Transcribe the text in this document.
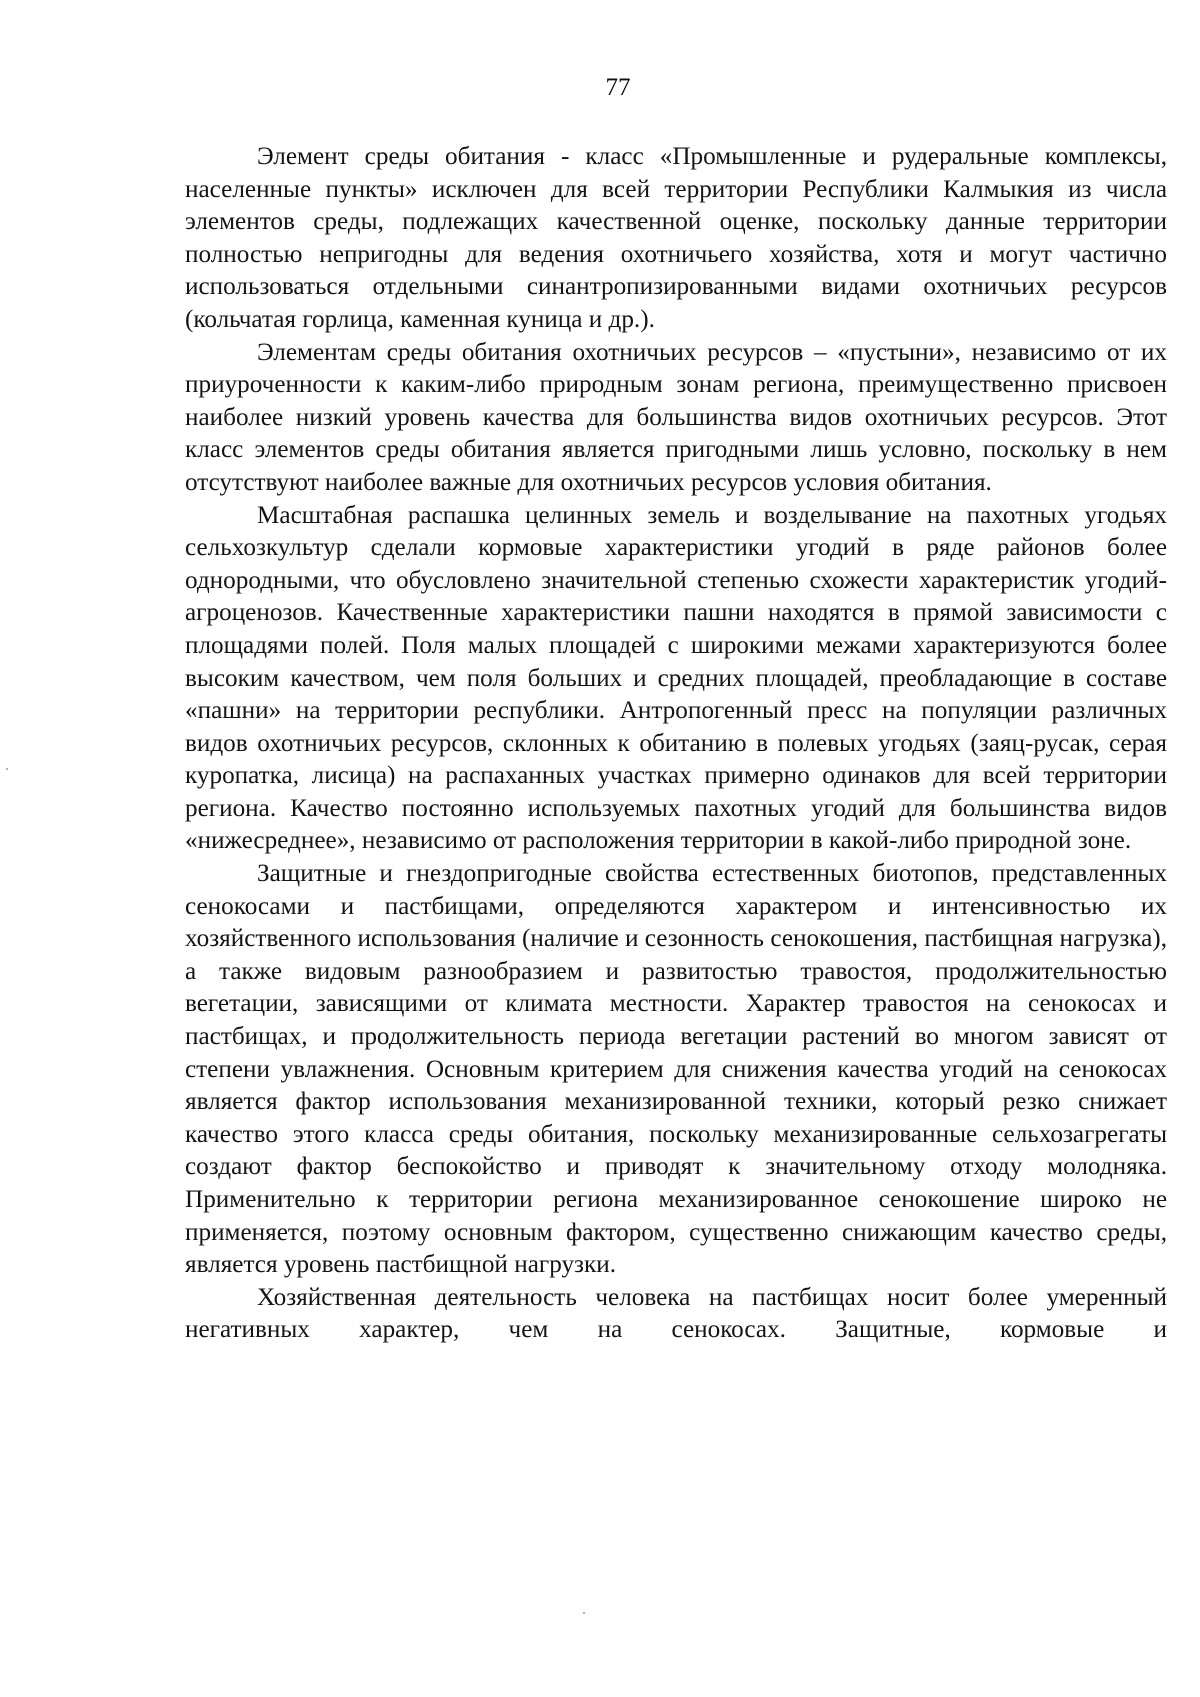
77

Элемент среды обитания - класс «Промышленные и рудеральные комплексы, населенные пункты» исключен для всей территории Республики Калмыкия из числа элементов среды, подлежащих качественной оценке, поскольку данные территории полностью непригодны для ведения охотничьего хозяйства, хотя и могут частично использоваться отдельными синантропизированными видами охотничьих ресурсов (кольчатая горлица, каменная куница и др.).

Элементам среды обитания охотничьих ресурсов – «пустыни», независимо от их приуроченности к каким-либо природным зонам региона, преимущественно присвоен наиболее низкий уровень качества для большинства видов охотничьих ресурсов. Этот класс элементов среды обитания является пригодными лишь условно, поскольку в нем отсутствуют наиболее важные для охотничьих ресурсов условия обитания.

Масштабная распашка целинных земель и возделывание на пахотных угодьях сельхозкультур сделали кормовые характеристики угодий в ряде районов более однородными, что обусловлено значительной степенью схожести характеристик угодий-агроценозов. Качественные характеристики пашни находятся в прямой зависимости с площадями полей. Поля малых площадей с широкими межами характеризуются более высоким качеством, чем поля больших и средних площадей, преобладающие в составе «пашни» на территории республики. Антропогенный пресс на популяции различных видов охотничьих ресурсов, склонных к обитанию в полевых угодьях (заяц-русак, серая куропатка, лисица) на распаханных участках примерно одинаков для всей территории региона. Качество постоянно используемых пахотных угодий для большинства видов «нижесреднее», независимо от расположения территории в какой-либо природной зоне.

Защитные и гнездопригодные свойства естественных биотопов, представленных сенокосами и пастбищами, определяются характером и интенсивностью их хозяйственного использования (наличие и сезонность сенокошения, пастбищная нагрузка), а также видовым разнообразием и развитостью травостоя, продолжительностью вегетации, зависящими от климата местности. Характер травостоя на сенокосах и пастбищах, и продолжительность периода вегетации растений во многом зависят от степени увлажнения. Основным критерием для снижения качества угодий на сенокосах является фактор использования механизированной техники, который резко снижает качество этого класса среды обитания, поскольку механизированные сельхозагрегаты создают фактор беспокойство и приводят к значительному отходу молодняка. Применительно к территории региона механизированное сенокошение широко не применяется, поэтому основным фактором, существенно снижающим качество среды, является уровень пастбищной нагрузки.

Хозяйственная деятельность человека на пастбищах носит более умеренный негативных характер, чем на сенокосах. Защитные, кормовые и
